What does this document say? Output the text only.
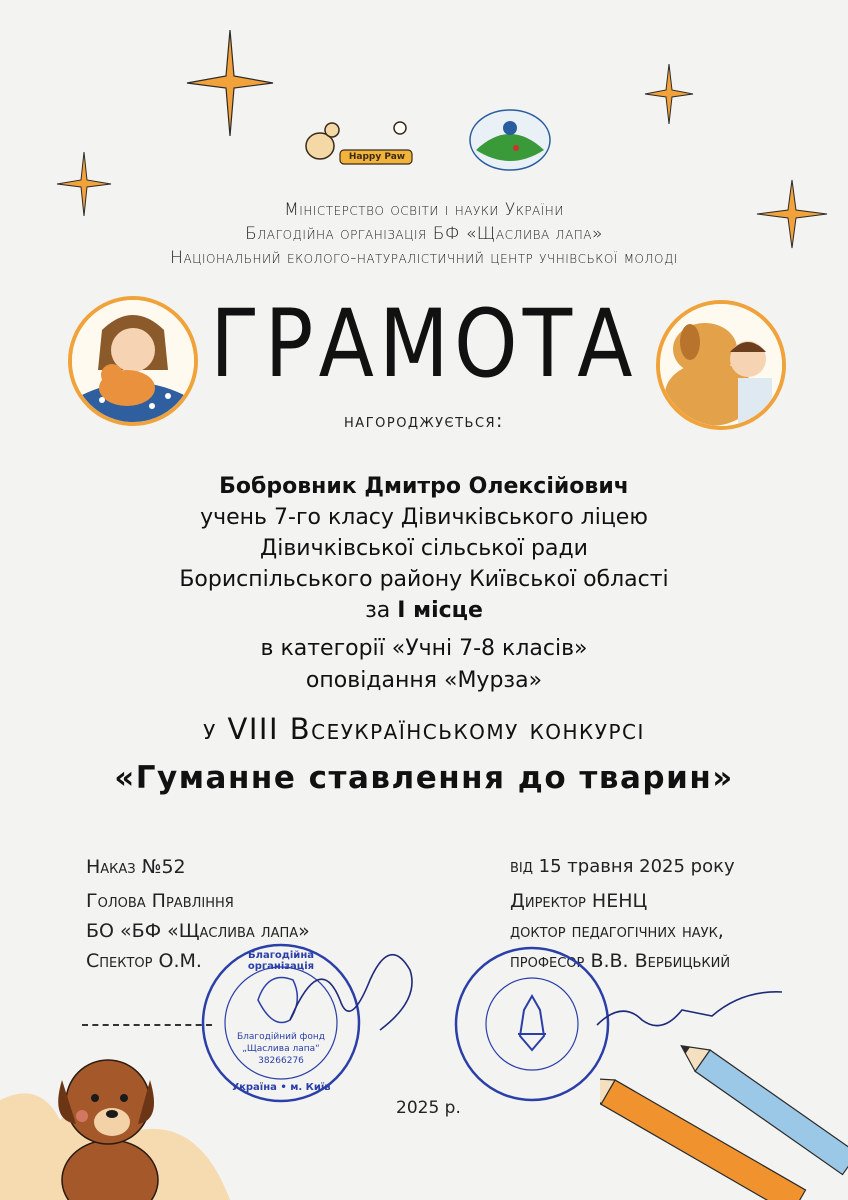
Happy Paw
Міністерство освіти і науки України
Благодійна організація БФ «Щаслива лапа»
Національний еколого-натуралістичний центр учнівської молоді
ГРАМОТА
нагороджується:
Бобровник Дмитро Олексійович
учень 7-го класу Дівичківського ліцею
Дівичківської сільської ради
Бориспільського району Київської області
за I місце
в категорії «Учні 7-8 класів»
оповідання «Мурза»
у VIII Всеукраїнському конкурсі
«Гуманне ставлення до тварин»
Наказ №52	від 15 травня 2025 року
Голова Правління
БО «БФ «Щаслива лапа»
Спектор О.М.
Директор НЕНЦ
доктор педагогічних наук,
професор В.В. Вербицький
Благодійна організація
Благодійний фонд
„Щаслива лапа“
38266276
Україна • м. Київ
2025 р.
